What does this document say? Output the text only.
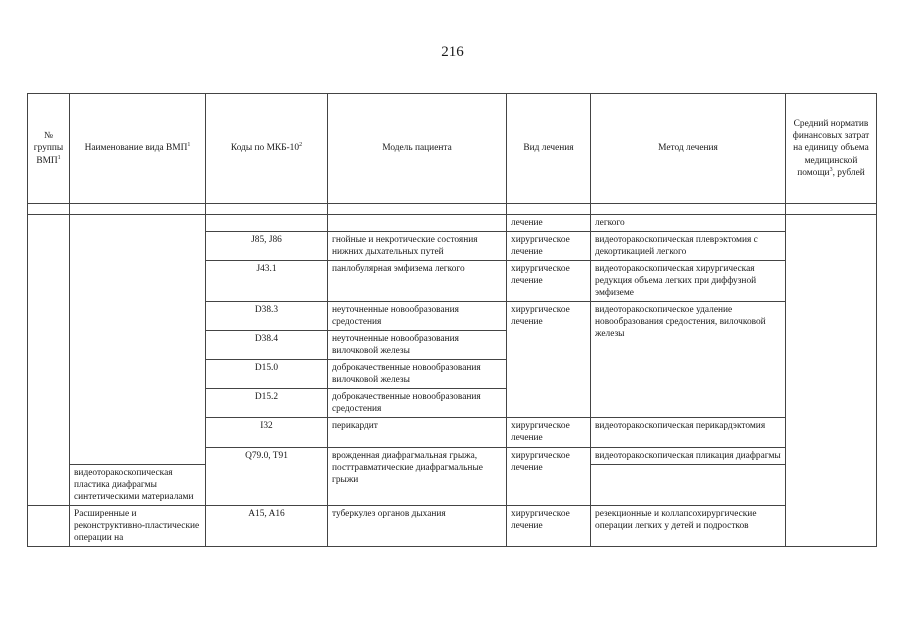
216
№ группы ВМП$^1$	Наименование вида ВМП$^1$	Коды по МКБ-$10^2$	Модель пациента	Вид лечения	Метод лечения	Средний норматив финансовых затрат на единицу объема медицинской помощи$^3$, рублей

				лечение	легкого	
		J85, J86	гнойные и некротические состояния нижних дыхательных путей	хирургическое лечение	видеоторакоскопическая плеврэктомия с декортикацией легкого	
		J43.1	панлобулярная эмфизема легкого	хирургическое лечение	видеоторакоскопическая хирургическая редукция объема легких при диффузной эмфиземе	
		D38.3	неуточненные новообразования средостения	хирургическое лечение	видеоторакоскопическое удаление новообразования средостения, вилочковой железы	
		D38.4	неуточненные новообразования вилочковой железы			
		D15.0	доброкачественные новообразования вилочковой железы			
		D15.2	доброкачественные новообразования средостения			
		I32	перикардит	хирургическое лечение	видеоторакоскопическая перикардэктомия	
		Q79.0, T91	врожденная диафрагмальная грыжа, посттравматические диафрагмальные грыжи	хирургическое лечение	видеоторакоскопическая пликация диафрагмы	
	видеоторакоскопическая пластика диафрагмы синтетическими материалами					
	Расширенные и реконструктивно-пластические операции на	A15, A16	туберкулез органов дыхания	хирургическое лечение	резекционные и коллапсохирургические операции легких у детей и подростков	
